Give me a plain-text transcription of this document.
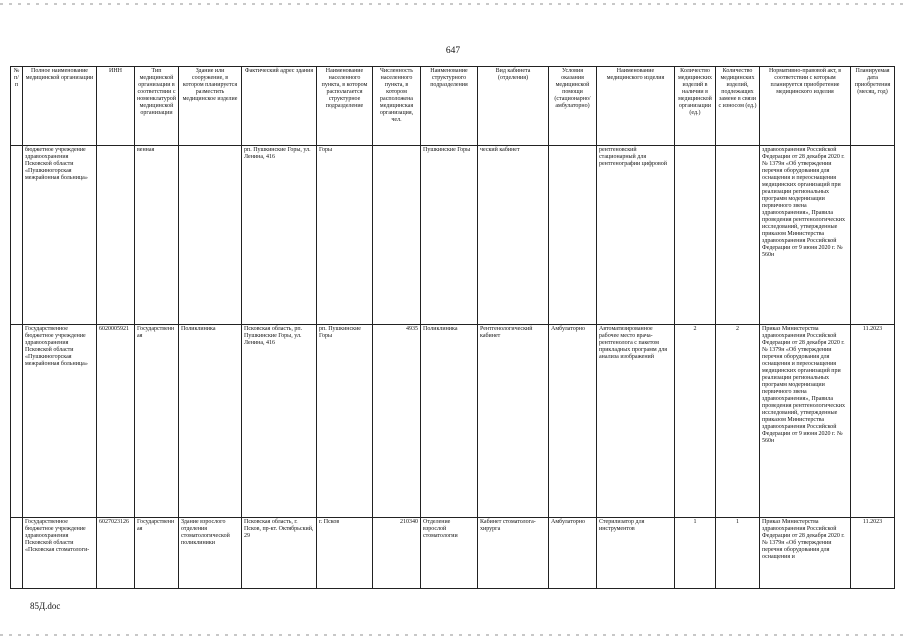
647
№ п/п	Полное наименование медицинской организации	ИНН	Тип медицинской организации в соответствии с номенклатурой медицинской организации	Здание или сооружение, в котором планируется разместить медицинское изделие	Фактический адрес здания	Наименование населенного пункта, в котором располагается структурное подразделение	Численность населенного пункта, в котором расположена медицинская организация, чел.	Наименование структурного подразделения	Вид кабинета (отделения)	Условия оказания медицинской помощи (стационарно/ амбулаторно)	Наименование медицинского изделия	Количество медицинских изделий в наличии в медицинской организации (ед.)	Количество медицинских изделий, подлежащих замене в связи с износом (ед.)	Нормативно-правовой акт, в соответствии с которым планируется приобретение медицинского изделия	Планируемая дата приобретения (месяц, год)
	бюджетное учреждение здравоохранения Псковской области «Пушкиногорская межрайонная больница»		венная		рп. Пушкинские Горы, ул. Ленина, 416	Горы		Пушкинские Горы	ческий кабинет		рентгеновский стационарный для рентгенографии цифровой			здравоохранения Российской Федерации от 28 декабря 2020 г. № 1379н «Об утверждении перечня оборудования для оснащения и переоснащения медицинских организаций при реализации региональных программ модернизации первичного звена здравоохранения», Правила проведения рентгенологических исследований, утвержденные приказом Министерства здравоохранения Российской Федерации от 9 июня 2020 г. № 560н	
	Государственное бюджетное учреждение здравоохранения Псковской области «Пушкиногорская межрайонная больница»	6020005921	Государственная	Поликлиника	Псковская область, рп. Пушкинские Горы, ул. Ленина, 416	рп. Пушкинские Горы	4935	Поликлиника	Рентгенологический кабинет	Амбулаторно	Автоматизированное рабочее место врача-рентгенолога с пакетом прикладных программ для анализа изображений	2	2	Приказ Министерства здравоохранения Российской Федерации от 28 декабря 2020 г. № 1379н «Об утверждении перечня оборудования для оснащения и переоснащения медицинских организаций при реализации региональных программ модернизации первичного звена здравоохранения», Правила проведения рентгенологических исследований, утвержденные приказом Министерства здравоохранения Российской Федерации от 9 июня 2020 г. № 560н	11.2023
	Государственное бюджетное учреждение здравоохранения Псковской области «Псковская стоматологи-	6027023126	Государственная	Здание взрослого отделения стоматологической поликлиники	Псковская область, г. Псков, пр-кт. Октябрьский, 29	г. Псков	210340	Отделение взрослой стоматологии	Кабинет стоматолога-хирурга	Амбулаторно	Стерилизатор для инструментов	1	1	Приказ Министерства здравоохранения Российской Федерации от 28 декабря 2020 г. № 1379н «Об утверждении перечня оборудования для оснащения и	11.2023
85Д.doc
